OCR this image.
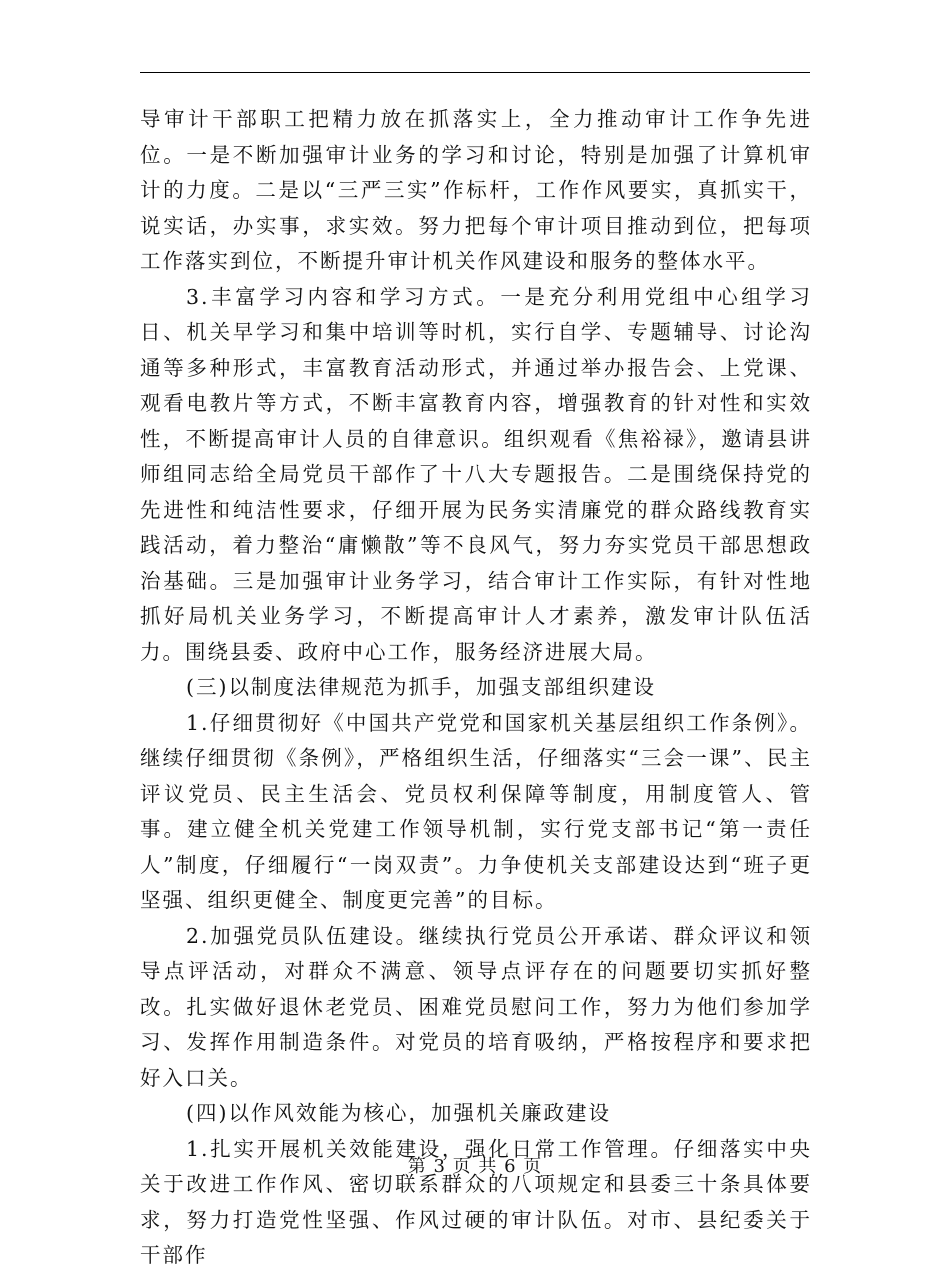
导审计干部职工把精力放在抓落实上，全力推动审计工作争先进位。一是不断加强审计业务的学习和讨论，特别是加强了计算机审计的力度。二是以“三严三实”作标杆，工作作风要实，真抓实干，说实话，办实事，求实效。努力把每个审计项目推动到位，把每项工作落实到位，不断提升审计机关作风建设和服务的整体水平。

3.丰富学习内容和学习方式。一是充分利用党组中心组学习日、机关早学习和集中培训等时机，实行自学、专题辅导、讨论沟通等多种形式，丰富教育活动形式，并通过举办报告会、上党课、观看电教片等方式，不断丰富教育内容，增强教育的针对性和实效性，不断提高审计人员的自律意识。组织观看《焦裕禄》，邀请县讲师组同志给全局党员干部作了十八大专题报告。二是围绕保持党的先进性和纯洁性要求，仔细开展为民务实清廉党的群众路线教育实践活动，着力整治“庸懒散”等不良风气，努力夯实党员干部思想政治基础。三是加强审计业务学习，结合审计工作实际，有针对性地抓好局机关业务学习，不断提高审计人才素养，激发审计队伍活力。围绕县委、政府中心工作，服务经济进展大局。

(三)以制度法律规范为抓手，加强支部组织建设

1.仔细贯彻好《中国共产党党和国家机关基层组织工作条例》。继续仔细贯彻《条例》，严格组织生活，仔细落实“三会一课”、民主评议党员、民主生活会、党员权利保障等制度，用制度管人、管事。建立健全机关党建工作领导机制，实行党支部书记“第一责任人”制度，仔细履行“一岗双责”。力争使机关支部建设达到“班子更坚强、组织更健全、制度更完善”的目标。

2.加强党员队伍建设。继续执行党员公开承诺、群众评议和领导点评活动，对群众不满意、领导点评存在的问题要切实抓好整改。扎实做好退休老党员、困难党员慰问工作，努力为他们参加学习、发挥作用制造条件。对党员的培育吸纳，严格按程序和要求把好入口关。

(四)以作风效能为核心，加强机关廉政建设

1.扎实开展机关效能建设，强化日常工作管理。仔细落实中央关于改进工作作风、密切联系群众的八项规定和县委三十条具体要求，努力打造党性坚强、作风过硬的审计队伍。对市、县纪委关于干部作

第 3 页 共 6 页
